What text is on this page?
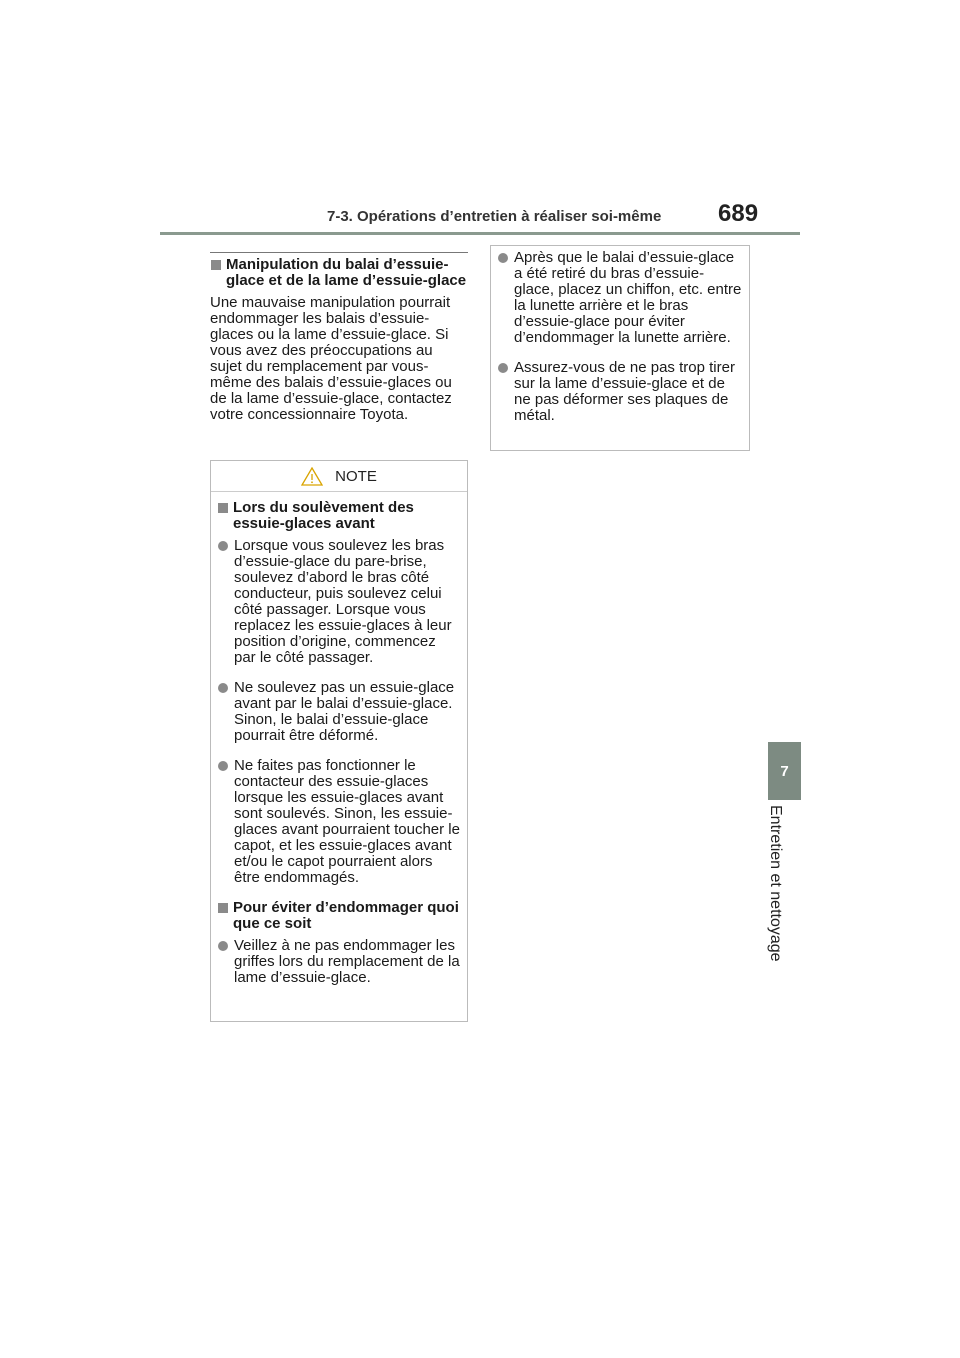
7-3. Opérations d’entretien à réaliser soi-même 689
7
Entretien et nettoyage
Manipulation du balai d’essuie-glace et de la lame d’essuie-glace
Une mauvaise manipulation pourrait endommager les balais d’essuie-glaces ou la lame d’essuie-glace. Si vous avez des préoccupations au sujet du remplacement par vous-même des balais d’essuie-glaces ou de la lame d’essuie-glace, contactez votre concessionnaire Toyota.
NOTE
Lors du soulèvement des essuie-glaces avant
Lorsque vous soulevez les bras d’essuie-glace du pare-brise, soulevez d’abord le bras côté conducteur, puis soulevez celui côté passager. Lorsque vous replacez les essuie-glaces à leur position d’origine, commencez par le côté passager.
Ne soulevez pas un essuie-glace avant par le balai d’essuie-glace. Sinon, le balai d’essuie-glace pourrait être déformé.
Ne faites pas fonctionner le contacteur des essuie-glaces lorsque les essuie-glaces avant sont soulevés. Sinon, les essuie-glaces avant pourraient toucher le capot, et les essuie-glaces avant et/ou le capot pourraient alors être endommagés.
Pour éviter d’endommager quoi que ce soit
Veillez à ne pas endommager les griffes lors du remplacement de la lame d’essuie-glace.
Après que le balai d’essuie-glace a été retiré du bras d’essuie-glace, placez un chiffon, etc. entre la lunette arrière et le bras d’essuie-glace pour éviter d’endommager la lunette arrière.
Assurez-vous de ne pas trop tirer sur la lame d’essuie-glace et de ne pas déformer ses plaques de métal.
